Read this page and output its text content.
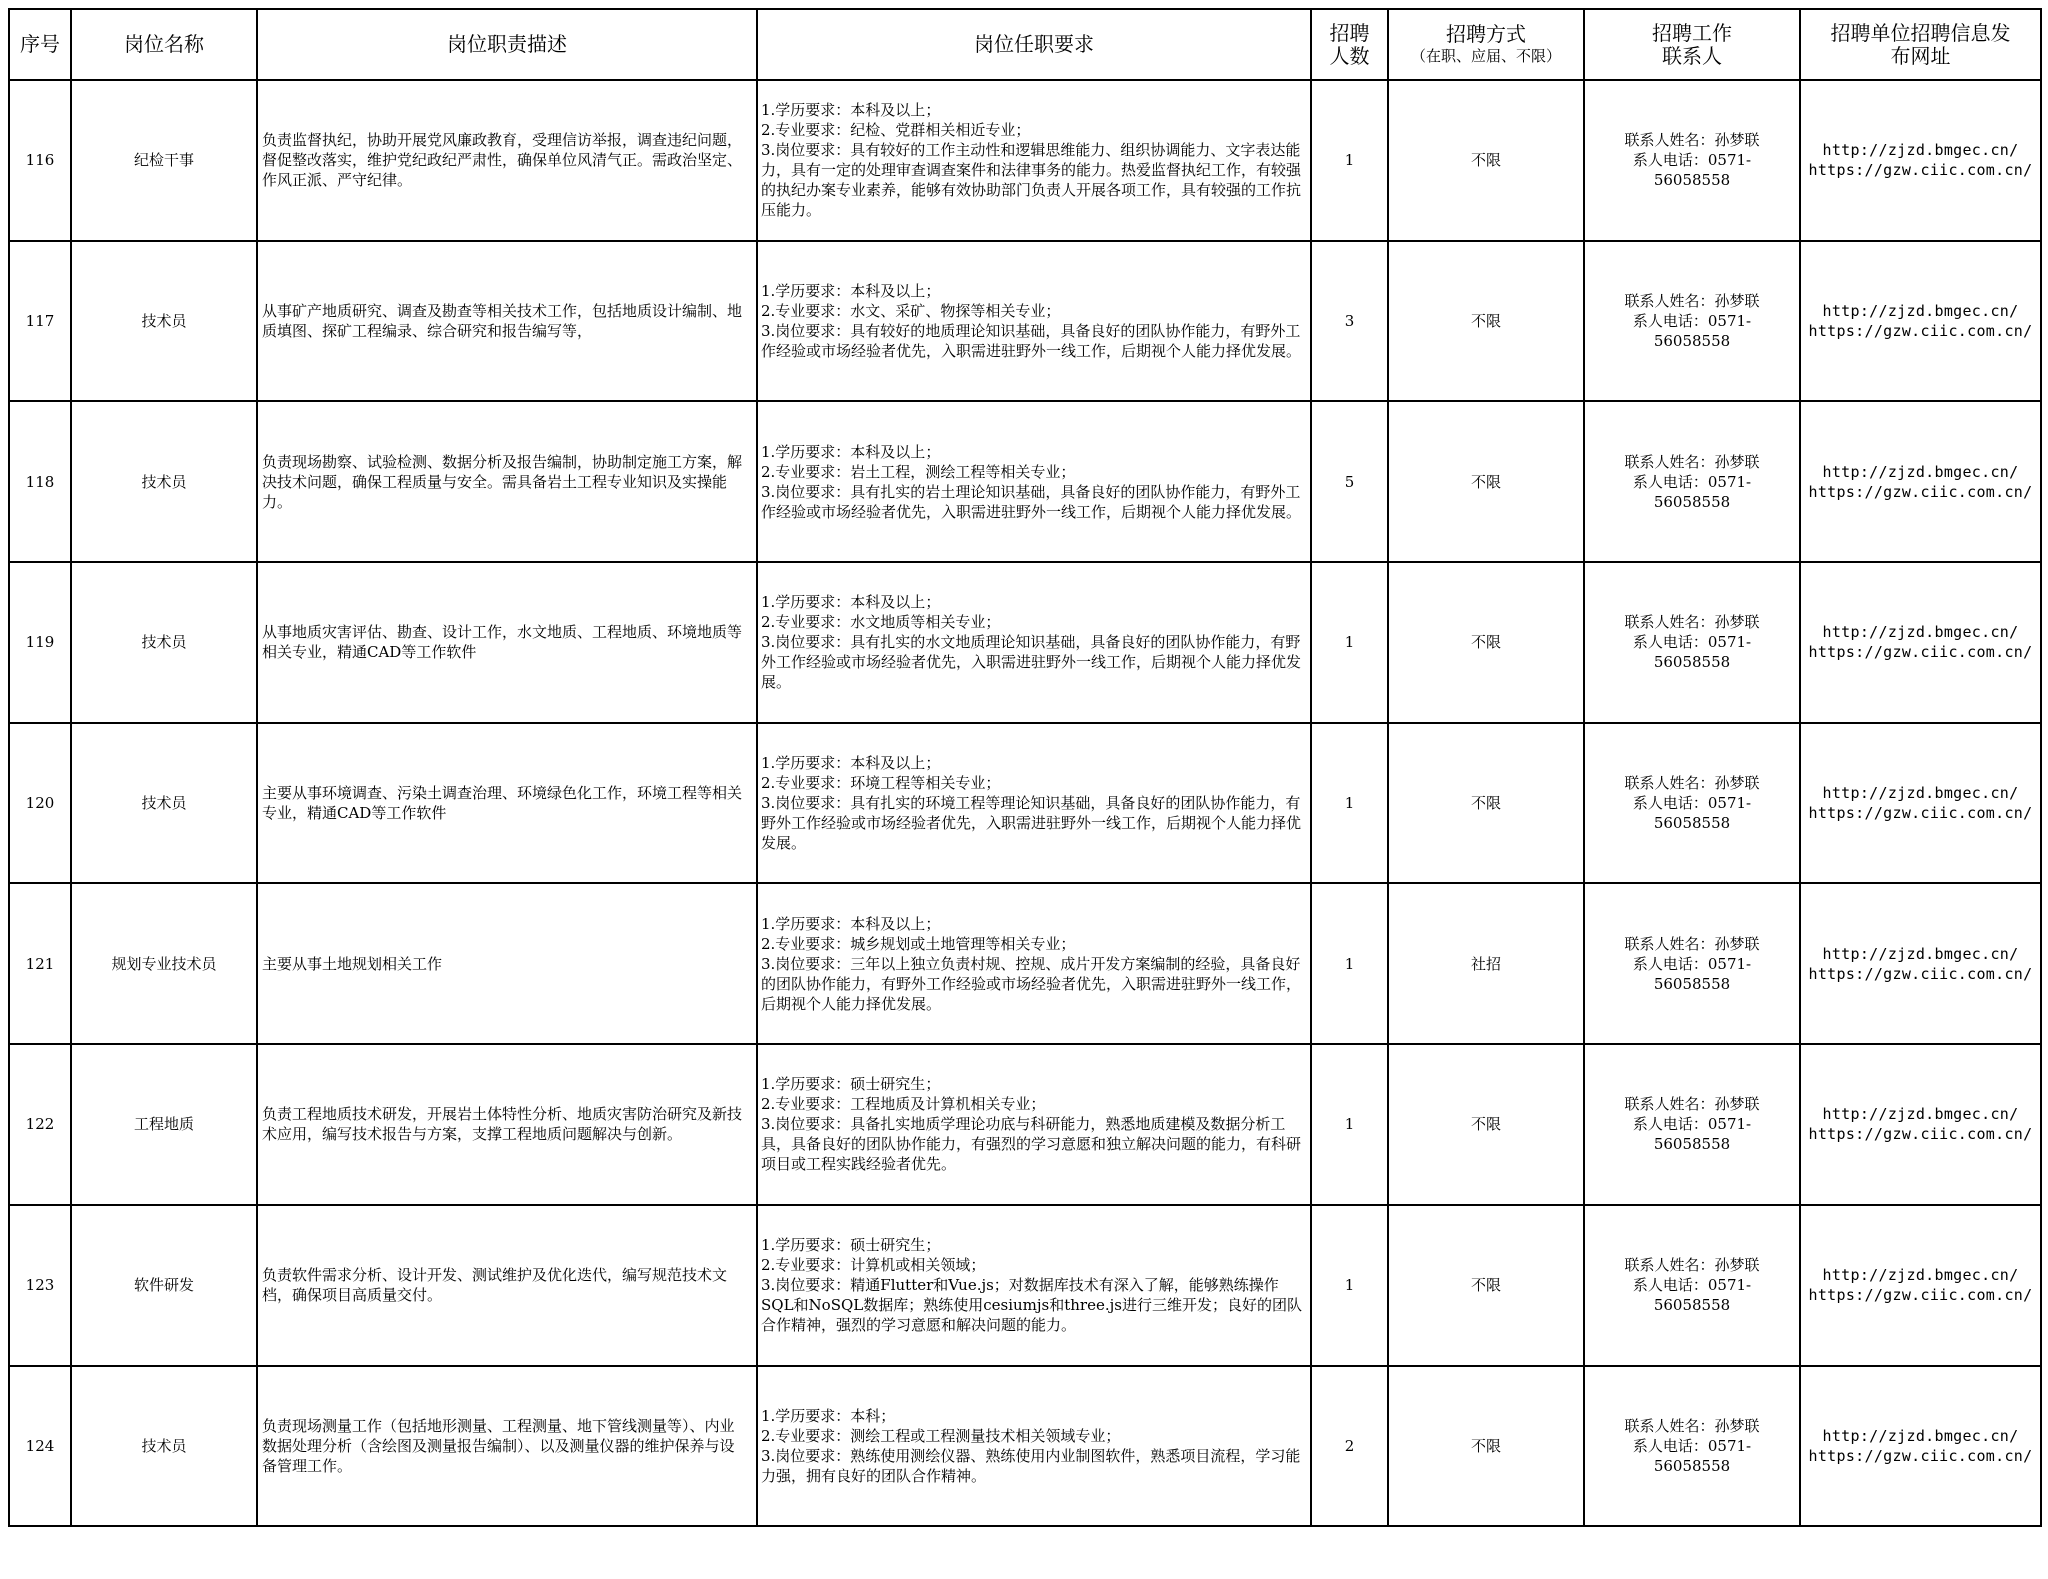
序号	岗位名称	岗位职责描述	岗位任职要求	招聘人数	招聘方式
（在职、应届、不限）	招聘工作联系人	招聘单位招聘信息发布网址
116	纪检干事	负责监督执纪，协助开展党风廉政教育，受理信访举报，调查违纪问题，督促整改落实，维护党纪政纪严肃性，确保单位风清气正。需政治坚定、作风正派、严守纪律。	1.学历要求：本科及以上；
2.专业要求：纪检、党群相关相近专业；
3.岗位要求：具有较好的工作主动性和逻辑思维能力、组织协调能力、文字表达能力，具有一定的处理审查调查案件和法律事务的能力。热爱监督执纪工作，有较强的执纪办案专业素养，能够有效协助部门负责人开展各项工作，具有较强的工作抗压能力。	1	不限	联系人姓名：孙梦联系人电话：0571-56058558	http://zjzd.bmgec.cn/
https://gzw.ciic.com.cn/

117	技术员	从事矿产地质研究、调查及勘查等相关技术工作，包括地质设计编制、地质填图、探矿工程编录、综合研究和报告编写等，	1.学历要求：本科及以上；
2.专业要求：水文、采矿、物探等相关专业；
3.岗位要求：具有较好的地质理论知识基础，具备良好的团队协作能力，有野外工作经验或市场经验者优先，入职需进驻野外一线工作，后期视个人能力择优发展。	3	不限	联系人姓名：孙梦联系人电话：0571-56058558	http://zjzd.bmgec.cn/
https://gzw.ciic.com.cn/

118	技术员	负责现场勘察、试验检测、数据分析及报告编制，协助制定施工方案，解决技术问题，确保工程质量与安全。需具备岩土工程专业知识及实操能力。	1.学历要求：本科及以上；
2.专业要求：岩土工程，测绘工程等相关专业；
3.岗位要求：具有扎实的岩土理论知识基础，具备良好的团队协作能力，有野外工作经验或市场经验者优先，入职需进驻野外一线工作，后期视个人能力择优发展。	5	不限	联系人姓名：孙梦联系人电话：0571-56058558	http://zjzd.bmgec.cn/
https://gzw.ciic.com.cn/

119	技术员	从事地质灾害评估、勘查、设计工作，水文地质、工程地质、环境地质等相关专业，精通CAD等工作软件	1.学历要求：本科及以上；
2.专业要求：水文地质等相关专业；
3.岗位要求：具有扎实的水文地质理论知识基础，具备良好的团队协作能力，有野外工作经验或市场经验者优先，入职需进驻野外一线工作，后期视个人能力择优发展。	1	不限	联系人姓名：孙梦联系人电话：0571-56058558	http://zjzd.bmgec.cn/
https://gzw.ciic.com.cn/

120	技术员	主要从事环境调查、污染土调查治理、环境绿色化工作，环境工程等相关专业，精通CAD等工作软件	1.学历要求：本科及以上；
2.专业要求：环境工程等相关专业；
3.岗位要求：具有扎实的环境工程等理论知识基础，具备良好的团队协作能力，有野外工作经验或市场经验者优先，入职需进驻野外一线工作，后期视个人能力择优发展。	1	不限	联系人姓名：孙梦联系人电话：0571-56058558	http://zjzd.bmgec.cn/
https://gzw.ciic.com.cn/

121	规划专业技术员	主要从事土地规划相关工作	1.学历要求：本科及以上；
2.专业要求：城乡规划或土地管理等相关专业；
3.岗位要求：三年以上独立负责村规、控规、成片开发方案编制的经验，具备良好的团队协作能力，有野外工作经验或市场经验者优先，入职需进驻野外一线工作，后期视个人能力择优发展。	1	社招	联系人姓名：孙梦联系人电话：0571-56058558	http://zjzd.bmgec.cn/
https://gzw.ciic.com.cn/

122	工程地质	负责工程地质技术研发，开展岩土体特性分析、地质灾害防治研究及新技术应用，编写技术报告与方案，支撑工程地质问题解决与创新。	1.学历要求：硕士研究生；
2.专业要求：工程地质及计算机相关专业；
3.岗位要求：具备扎实地质学理论功底与科研能力，熟悉地质建模及数据分析工具，具备良好的团队协作能力，有强烈的学习意愿和独立解决问题的能力，有科研项目或工程实践经验者优先。	1	不限	联系人姓名：孙梦联系人电话：0571-56058558	http://zjzd.bmgec.cn/
https://gzw.ciic.com.cn/

123	软件研发	负责软件需求分析、设计开发、测试维护及优化迭代，编写规范技术文档，确保项目高质量交付。	1.学历要求：硕士研究生；
2.专业要求：计算机或相关领域；
3.岗位要求：精通Flutter和Vue.js；对数据库技术有深入了解，能够熟练操作SQL和NoSQL数据库；熟练使用cesiumjs和three.js进行三维开发；良好的团队合作精神，强烈的学习意愿和解决问题的能力。	1	不限	联系人姓名：孙梦联系人电话：0571-56058558	http://zjzd.bmgec.cn/
https://gzw.ciic.com.cn/

124	技术员	负责现场测量工作（包括地形测量、工程测量、地下管线测量等）、内业数据处理分析（含绘图及测量报告编制）、以及测量仪器的维护保养与设备管理工作。	1.学历要求：本科；
2.专业要求：测绘工程或工程测量技术相关领域专业；
3.岗位要求：熟练使用测绘仪器、熟练使用内业制图软件，熟悉项目流程，学习能力强，拥有良好的团队合作精神。	2	不限	联系人姓名：孙梦联系人电话：0571-56058558	http://zjzd.bmgec.cn/
https://gzw.ciic.com.cn/
